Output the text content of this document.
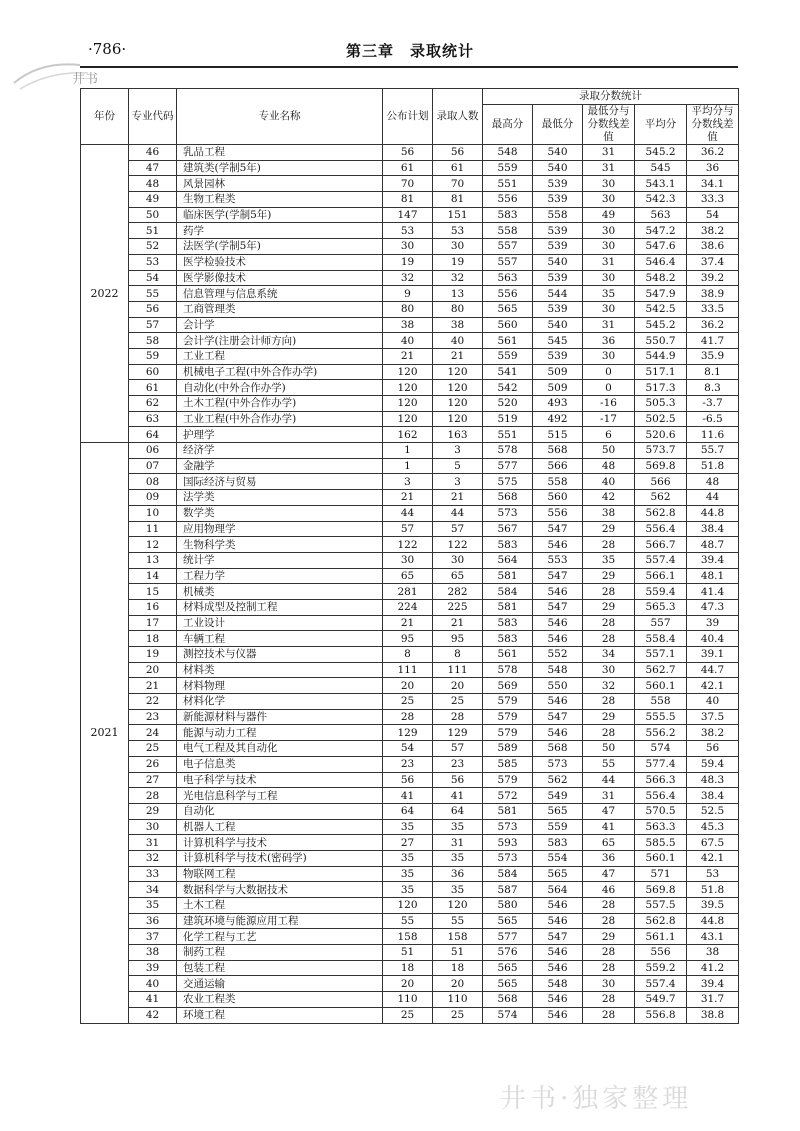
·786·	第三章　录取统计
井书
年份	专业代码	专业名称	公布计划	录取人数	录取分数统计				
					最高分	最低分	最低分与分数线差值	平均分	平均分与分数线差值
2022	46	乳品工程	56	56	548	540	31	545.2	36.2
	47	建筑类(学制5年)	61	61	559	540	31	545	36
	48	风景园林	70	70	551	539	30	543.1	34.1
	49	生物工程类	81	81	556	539	30	542.3	33.3
	50	临床医学(学制5年)	147	151	583	558	49	563	54
	51	药学	53	53	558	539	30	547.2	38.2
	52	法医学(学制5年)	30	30	557	539	30	547.6	38.6
	53	医学检验技术	19	19	557	540	31	546.4	37.4
	54	医学影像技术	32	32	563	539	30	548.2	39.2
	55	信息管理与信息系统	9	13	556	544	35	547.9	38.9
	56	工商管理类	80	80	565	539	30	542.5	33.5
	57	会计学	38	38	560	540	31	545.2	36.2
	58	会计学(注册会计师方向)	40	40	561	545	36	550.7	41.7
	59	工业工程	21	21	559	539	30	544.9	35.9
	60	机械电子工程(中外合作办学)	120	120	541	509	0	517.1	8.1
	61	自动化(中外合作办学)	120	120	542	509	0	517.3	8.3
	62	土木工程(中外合作办学)	120	120	520	493	-16	505.3	-3.7
	63	工业工程(中外合作办学)	120	120	519	492	-17	502.5	-6.5
	64	护理学	162	163	551	515	6	520.6	11.6
2021	06	经济学	1	3	578	568	50	573.7	55.7
	07	金融学	1	5	577	566	48	569.8	51.8
	08	国际经济与贸易	3	3	575	558	40	566	48
	09	法学类	21	21	568	560	42	562	44
	10	数学类	44	44	573	556	38	562.8	44.8
	11	应用物理学	57	57	567	547	29	556.4	38.4
	12	生物科学类	122	122	583	546	28	566.7	48.7
	13	统计学	30	30	564	553	35	557.4	39.4
	14	工程力学	65	65	581	547	29	566.1	48.1
	15	机械类	281	282	584	546	28	559.4	41.4
	16	材料成型及控制工程	224	225	581	547	29	565.3	47.3
	17	工业设计	21	21	583	546	28	557	39
	18	车辆工程	95	95	583	546	28	558.4	40.4
	19	测控技术与仪器	8	8	561	552	34	557.1	39.1
	20	材料类	111	111	578	548	30	562.7	44.7
	21	材料物理	20	20	569	550	32	560.1	42.1
	22	材料化学	25	25	579	546	28	558	40
	23	新能源材料与器件	28	28	579	547	29	555.5	37.5
	24	能源与动力工程	129	129	579	546	28	556.2	38.2
	25	电气工程及其自动化	54	57	589	568	50	574	56
	26	电子信息类	23	23	585	573	55	577.4	59.4
	27	电子科学与技术	56	56	579	562	44	566.3	48.3
	28	光电信息科学与工程	41	41	572	549	31	556.4	38.4
	29	自动化	64	64	581	565	47	570.5	52.5
	30	机器人工程	35	35	573	559	41	563.3	45.3
	31	计算机科学与技术	27	31	593	583	65	585.5	67.5
	32	计算机科学与技术(密码学)	35	35	573	554	36	560.1	42.1
	33	物联网工程	35	36	584	565	47	571	53
	34	数据科学与大数据技术	35	35	587	564	46	569.8	51.8
	35	土木工程	120	120	580	546	28	557.5	39.5
	36	建筑环境与能源应用工程	55	55	565	546	28	562.8	44.8
	37	化学工程与工艺	158	158	577	547	29	561.1	43.1
	38	制药工程	51	51	576	546	28	556	38
	39	包装工程	18	18	565	546	28	559.2	41.2
	40	交通运输	20	20	565	548	30	557.4	39.4
	41	农业工程类	110	110	568	546	28	549.7	31.7
	42	环境工程	25	25	574	546	28	556.8	38.8
井书·独家整理
